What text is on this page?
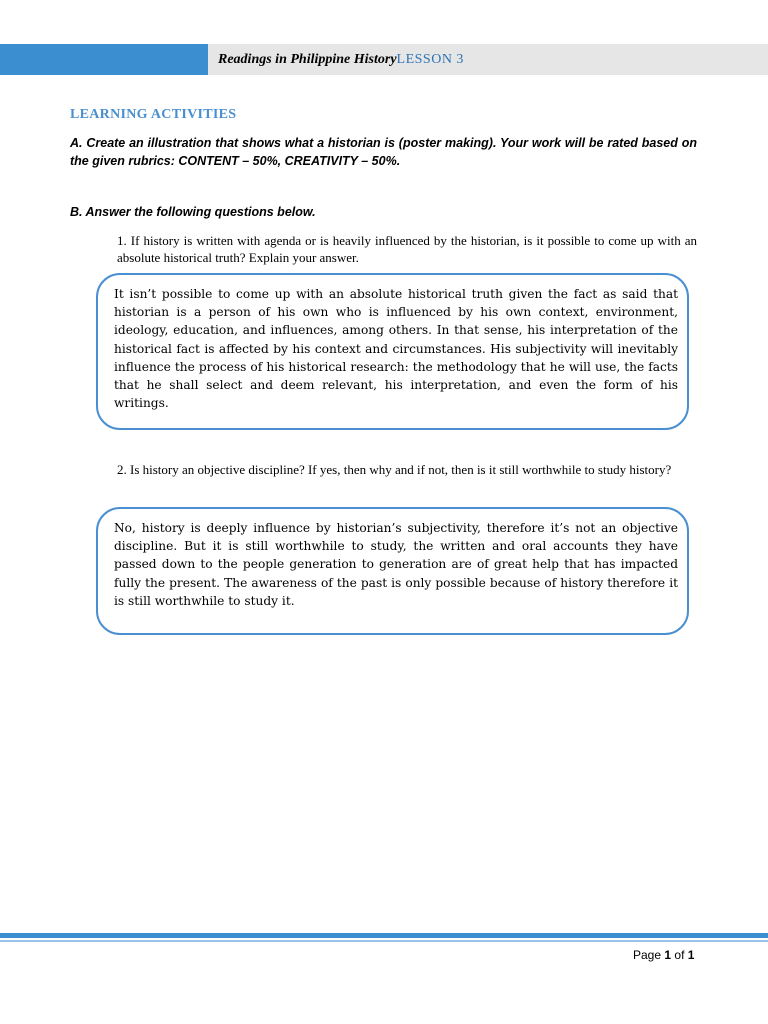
Readings in Philippine HistoryLESSON 3
LEARNING ACTIVITIES
A. Create an illustration that shows what a historian is (poster making). Your work will be rated based on the given rubrics: CONTENT – 50%, CREATIVITY – 50%.
B. Answer the following questions below.
1. If history is written with agenda or is heavily influenced by the historian, is it possible to come up with an absolute historical truth? Explain your answer.
It isn’t possible to come up with an absolute historical truth given the fact as said that historian is a person of his own who is influenced by his own context, environment, ideology, education, and influences, among others. In that sense, his interpretation of the historical fact is affected by his context and circumstances. His subjectivity will inevitably influence the process of his historical research: the methodology that he will use, the facts that he shall select and deem relevant, his interpretation, and even the form of his writings.
2. Is history an objective discipline? If yes, then why and if not, then is it still worthwhile to study history?
No, history is deeply influence by historian’s subjectivity, therefore it’s not an objective discipline. But it is still worthwhile to study, the written and oral accounts they have passed down to the people generation to generation are of great help that has impacted fully the present. The awareness of the past is only possible because of history therefore it is still worthwhile to study it.
Page 1 of 1
